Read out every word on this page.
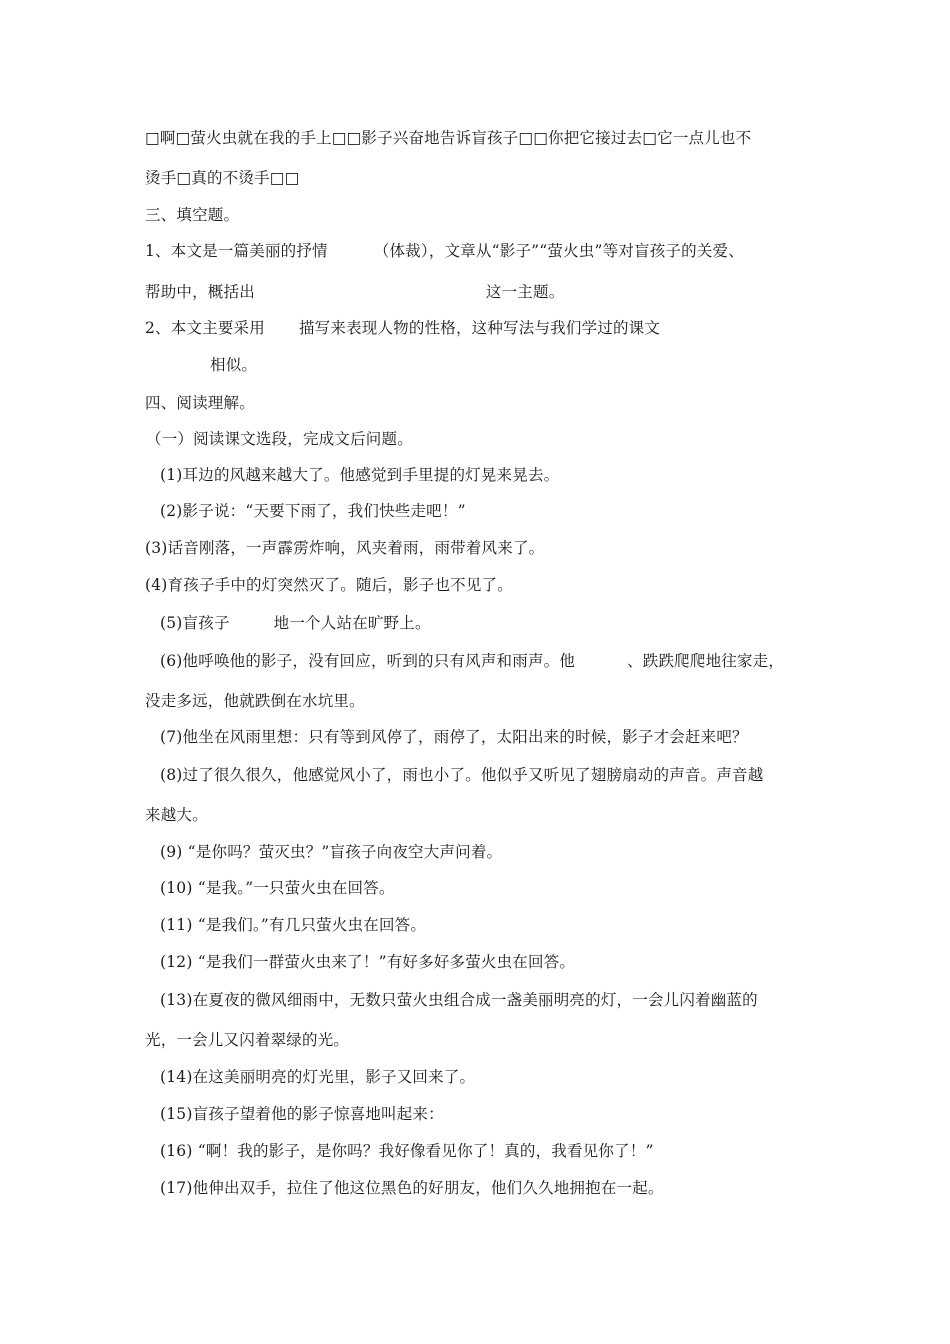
□啊□萤火虫就在我的手上□□影子兴奋地告诉盲孩子□□你把它接过去□它一点儿也不
烫手□真的不烫手□□
三、填空题。
1、本文是一篇美丽的抒情	（体裁），文章从“影子”“萤火虫”等对盲孩子的关爱、
帮助中，概括出	这一主题。
2、本文主要采用 描写来表现人物的性格，这种写法与我们学过的课文
相似。
四、阅读理解。
（一）阅读课文选段，完成文后问题。
(1)耳边的风越来越大了。他感觉到手里提的灯晃来晃去。
(2)影子说：“天要下雨了，我们快些走吧！”
(3)话音刚落，一声霹雳炸响，风夹着雨，雨带着风来了。
(4)育孩子手中的灯突然灭了。随后，影子也不见了。
(5)盲孩子	地一个人站在旷野上。
(6)他呼唤他的影子，没有回应，听到的只有风声和雨声。他	、跌跌爬爬地往家走，
没走多远，他就跌倒在水坑里。
(7)他坐在风雨里想：只有等到风停了，雨停了，太阳出来的时候，影子才会赶来吧？
(8)过了很久很久，他感觉风小了，雨也小了。他似乎又听见了翅膀扇动的声音。声音越
来越大。
(9) “是你吗？萤灭虫？”盲孩子向夜空大声问着。
(10) “是我。”一只萤火虫在回答。
(11) “是我们。”有几只萤火虫在回答。
(12) “是我们一群萤火虫来了！”有好多好多萤火虫在回答。
(13)在夏夜的微风细雨中，无数只萤火虫组合成一盏美丽明亮的灯，一会儿闪着幽蓝的
光，一会儿又闪着翠绿的光。
(14)在这美丽明亮的灯光里，影子又回来了。
(15)盲孩子望着他的影子惊喜地叫起来：
(16) “啊！我的影子，是你吗？我好像看见你了！真的，我看见你了！”
(17)他伸出双手，拉住了他这位黑色的好朋友，他们久久地拥抱在一起。
